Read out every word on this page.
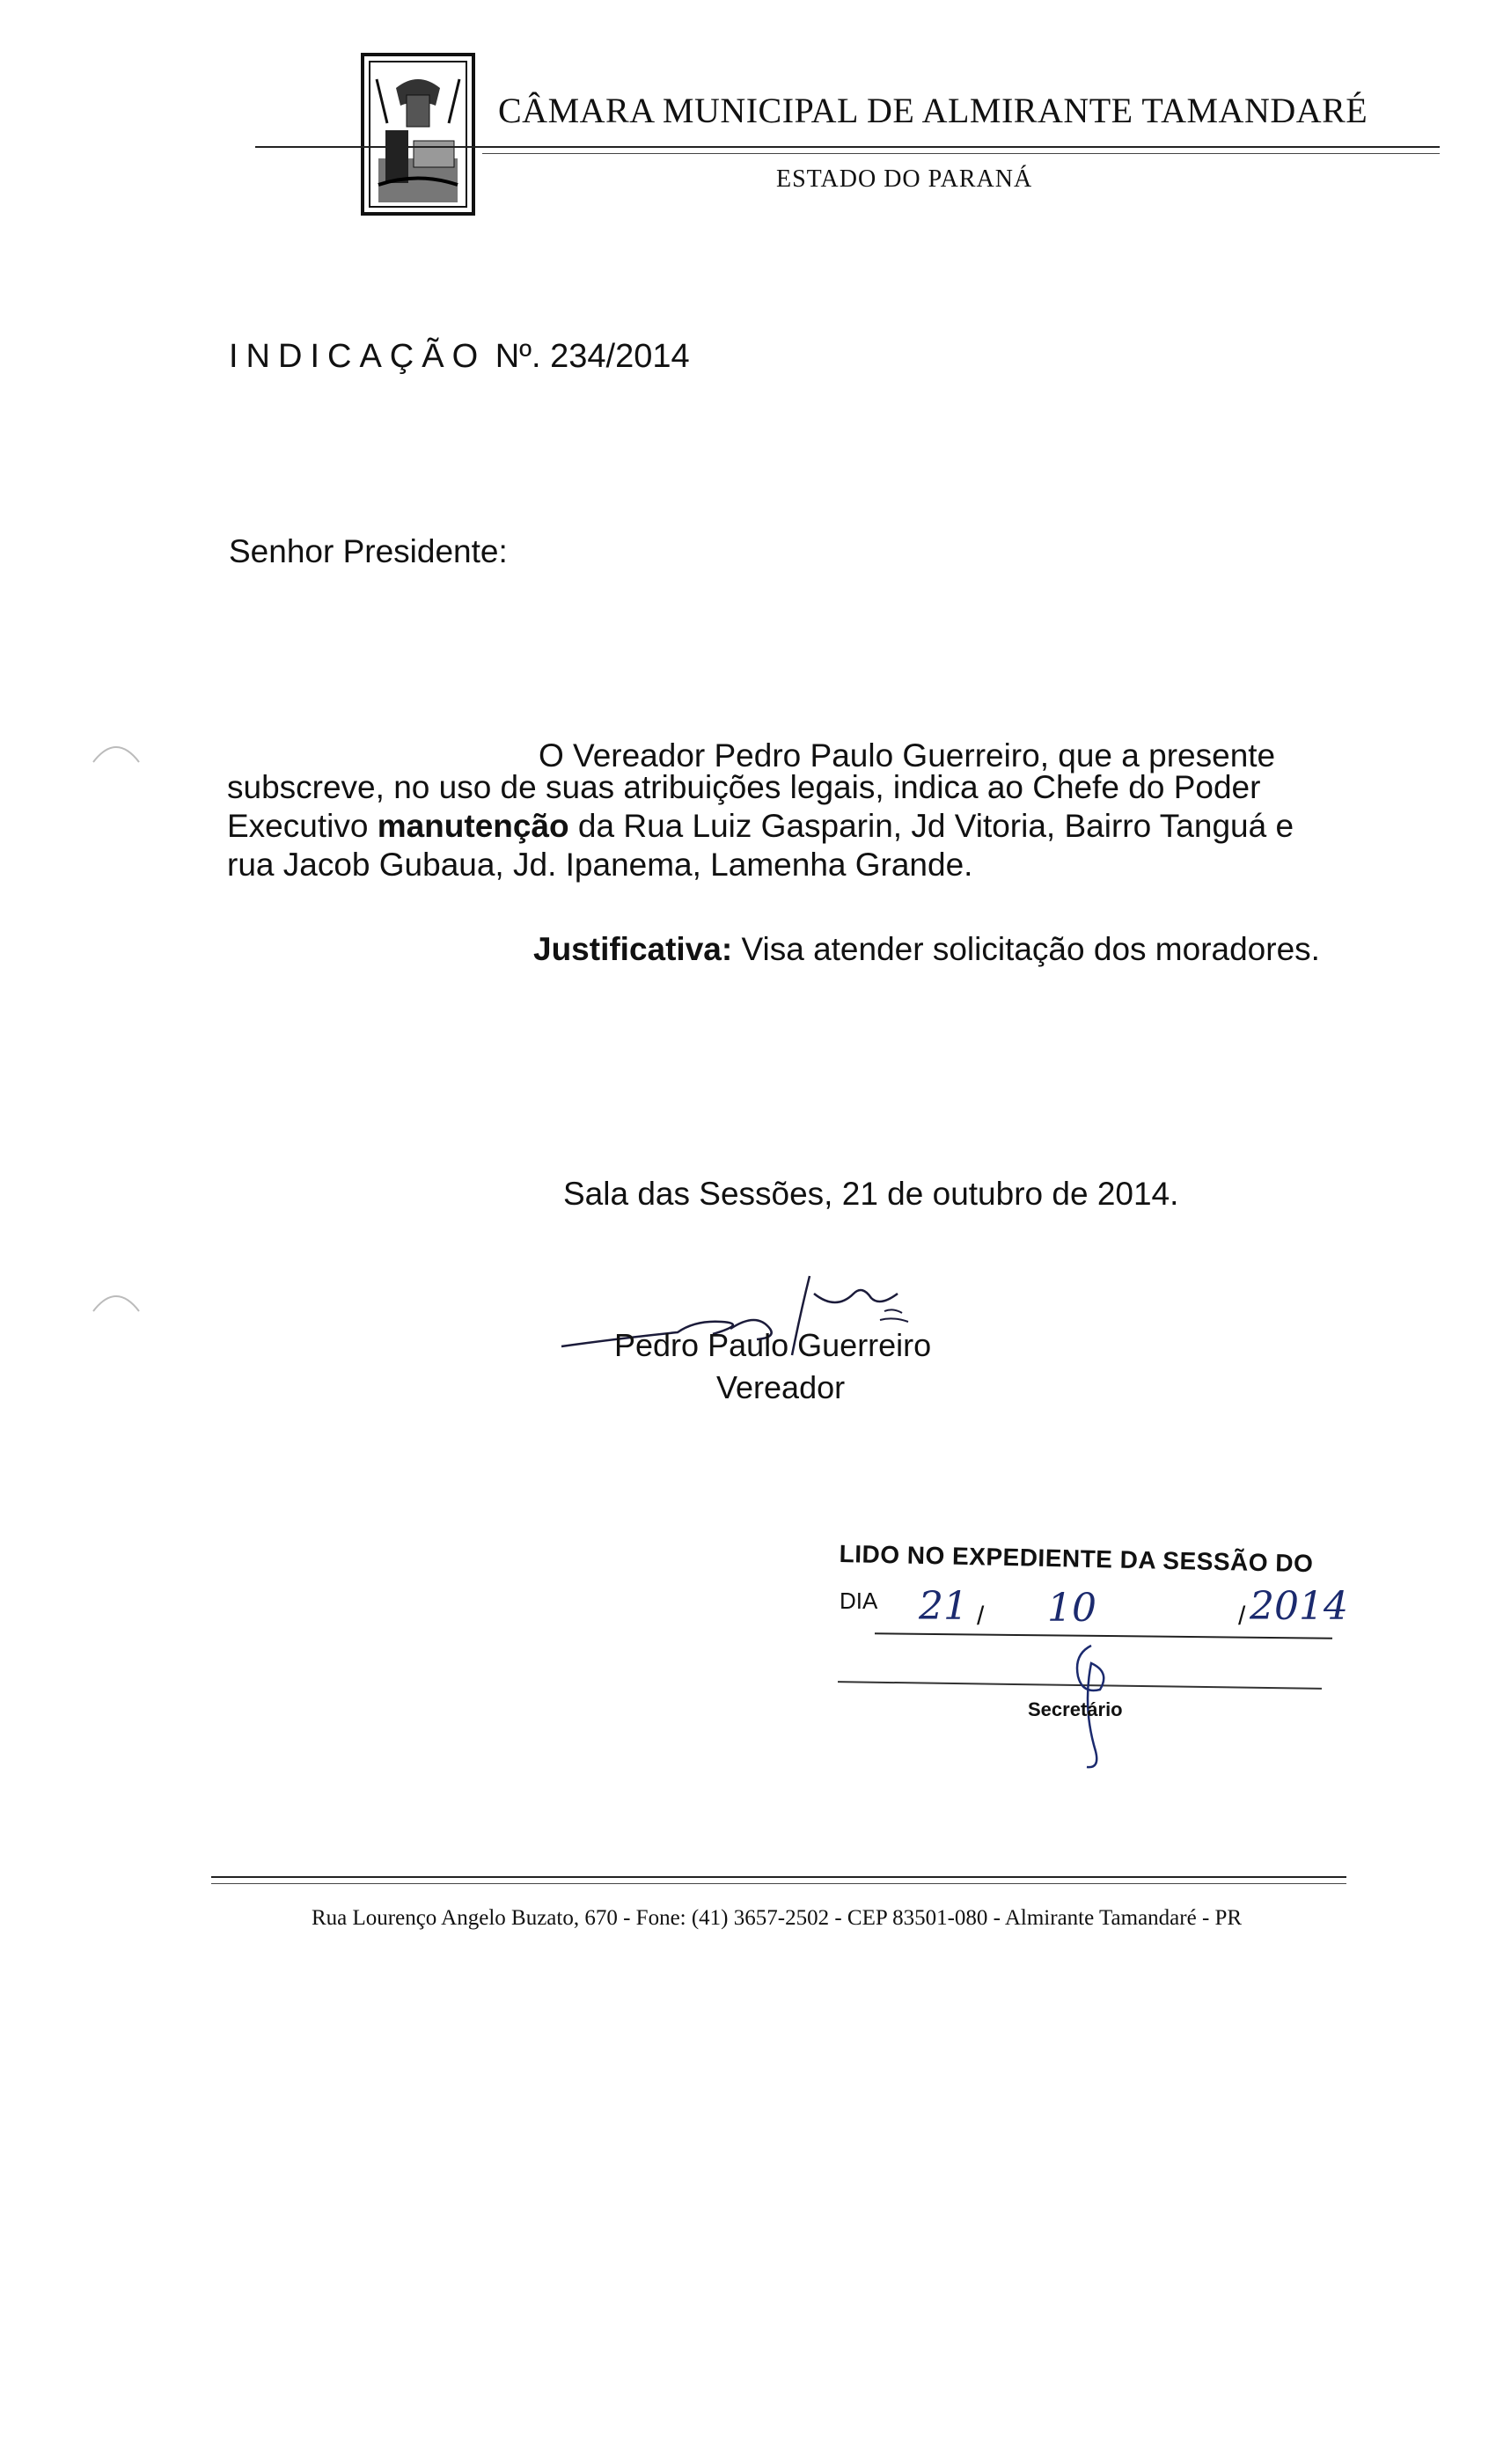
CÂMARA MUNICIPAL DE ALMIRANTE TAMANDARÉ
ESTADO DO PARANÁ
INDICAÇÃO Nº. 234/2014
Senhor Presidente:
O Vereador Pedro Paulo Guerreiro, que a presente
subscreve, no uso de suas atribuições legais, indica ao Chefe do Poder
Executivo manutenção da Rua Luiz Gasparin, Jd Vitoria, Bairro Tanguá e
rua Jacob Gubaua, Jd. Ipanema, Lamenha Grande.
Justificativa: Visa atender solicitação dos moradores.
Sala das Sessões, 21 de outubro de 2014.
Pedro Paulo Guerreiro
Vereador
LIDO NO EXPEDIENTE DA SESSÃO DO
DIA
/	/
21 10	2014
Secretário
Rua Lourenço Angelo Buzato, 670 - Fone: (41) 3657-2502 - CEP 83501-080 - Almirante Tamandaré - PR
